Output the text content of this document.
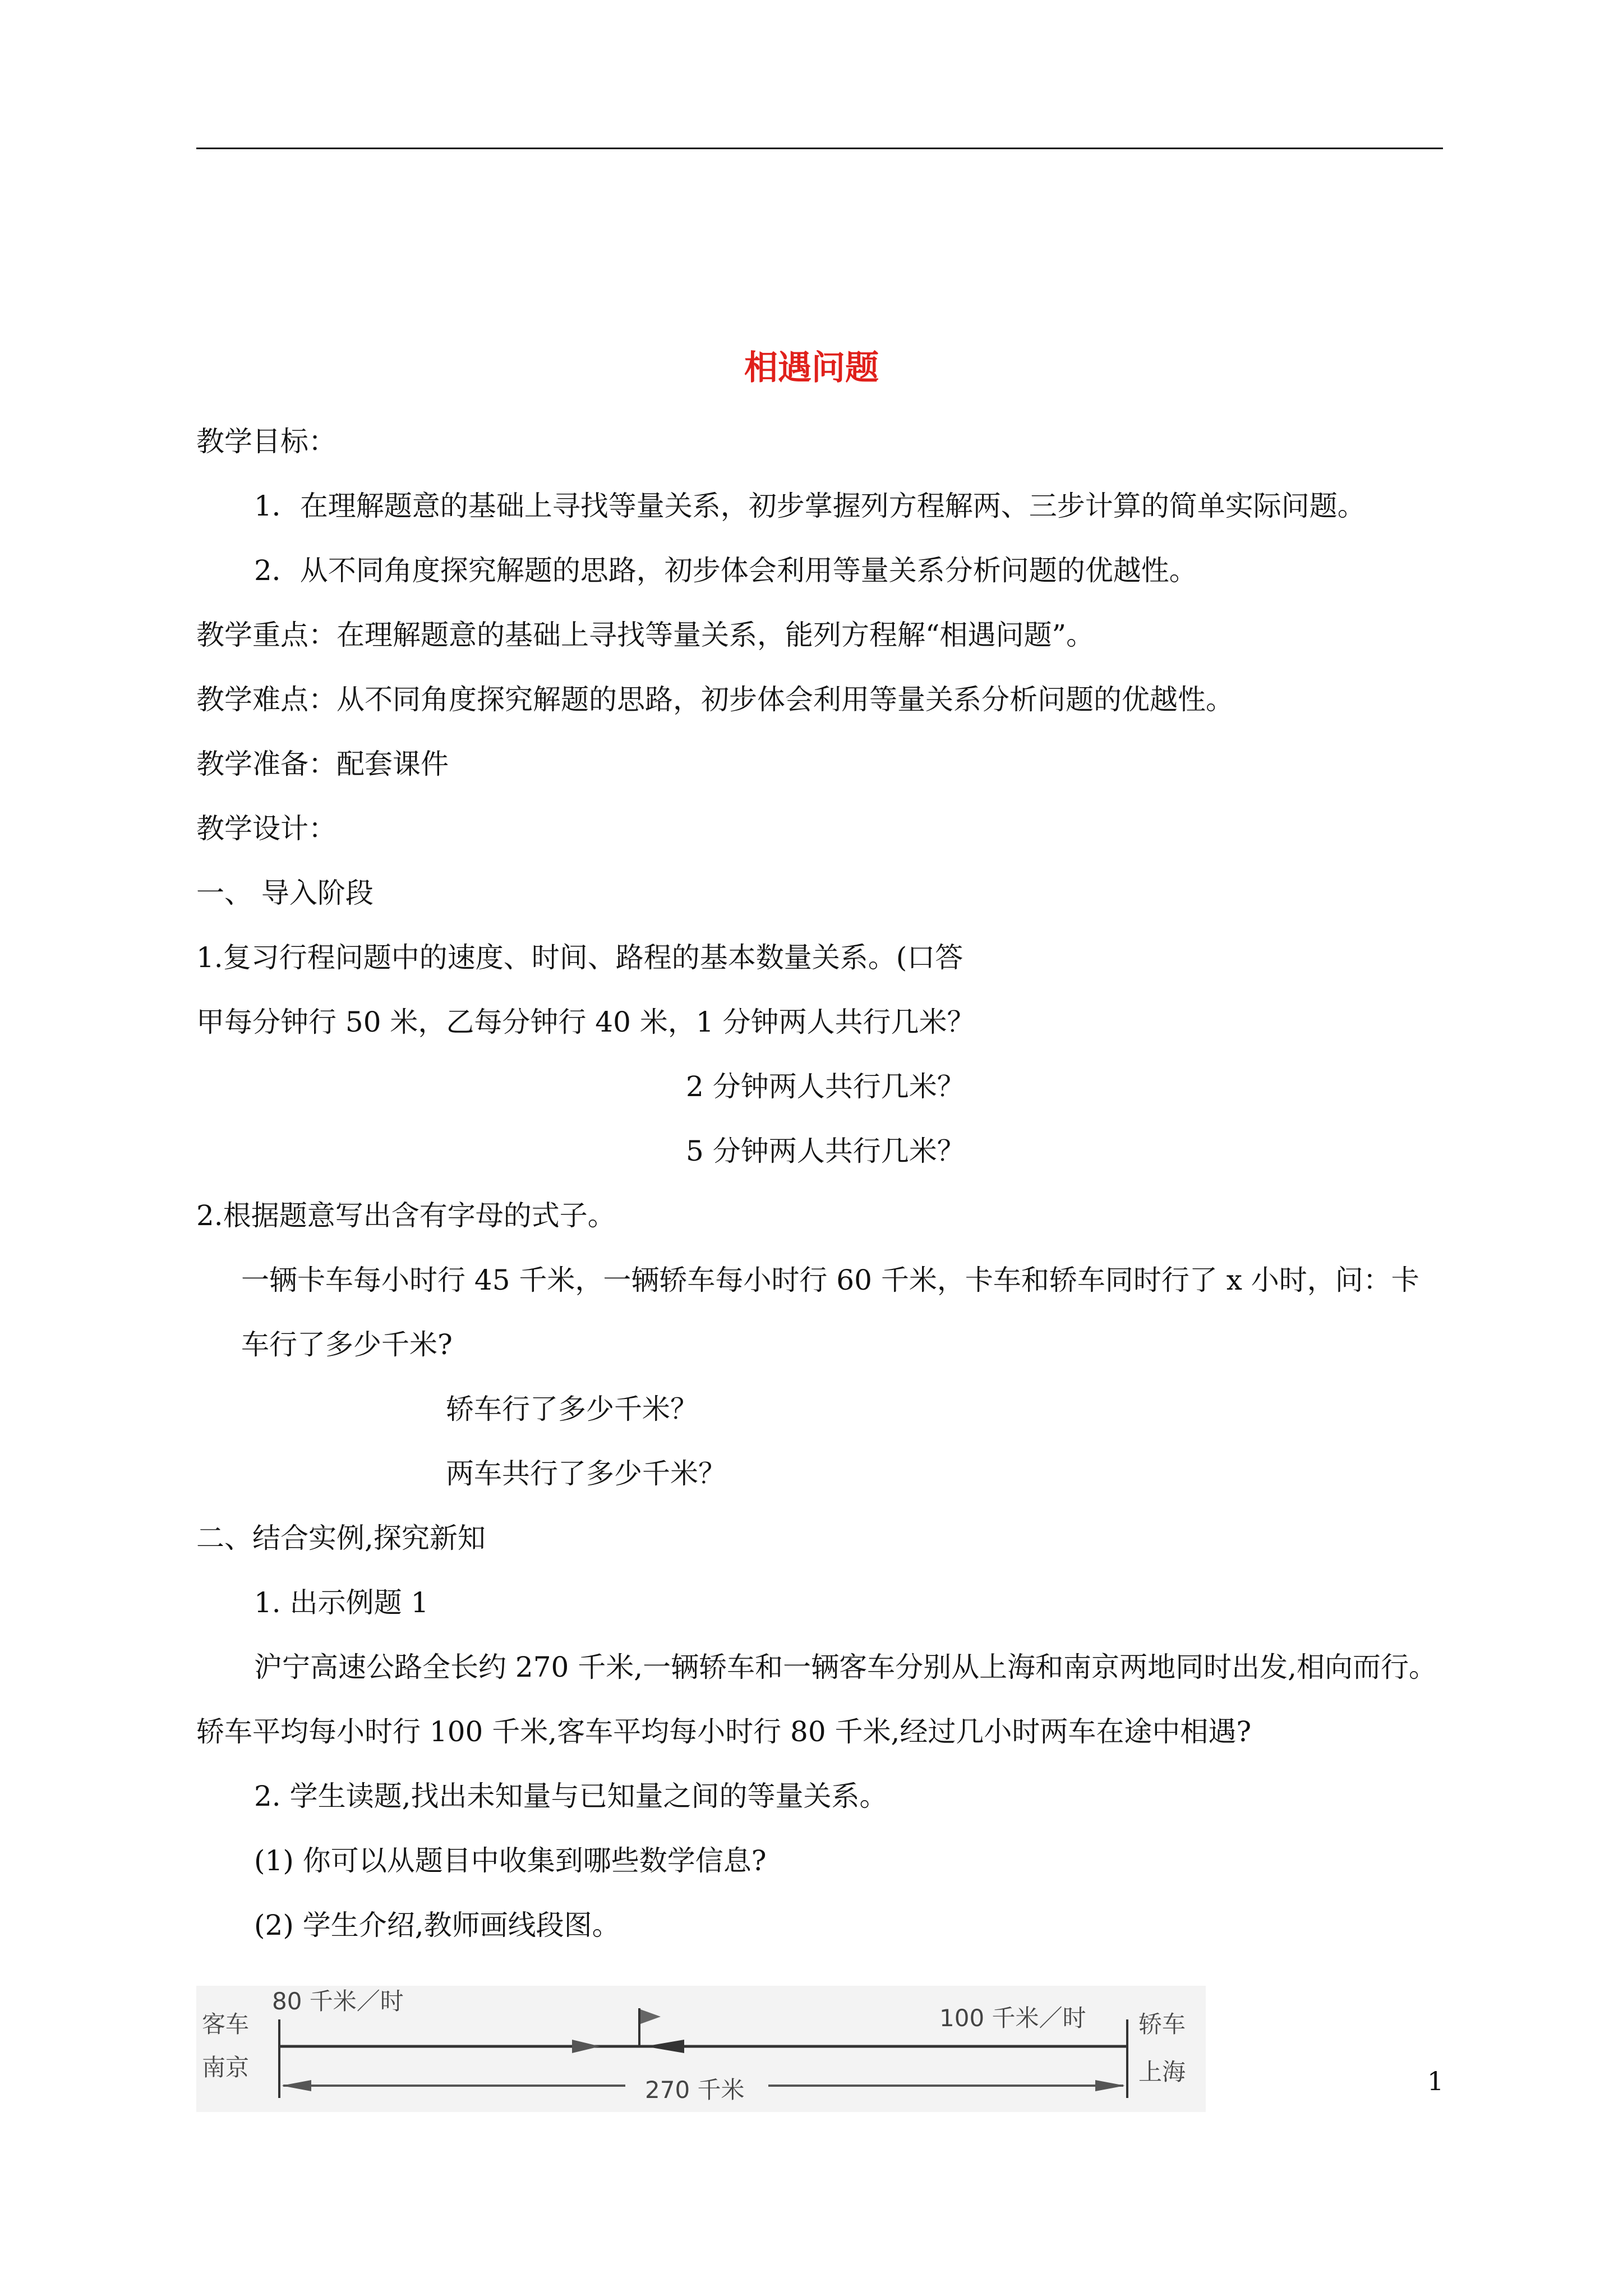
相遇问题
教学目标：
1．在理解题意的基础上寻找等量关系，初步掌握列方程解两、三步计算的简单实际问题。
2．从不同角度探究解题的思路，初步体会利用等量关系分析问题的优越性。
教学重点：在理解题意的基础上寻找等量关系，能列方程解“相遇问题”。
教学难点：从不同角度探究解题的思路，初步体会利用等量关系分析问题的优越性。
教学准备：配套课件
教学设计：
一、 导入阶段
1.复习行程问题中的速度、时间、路程的基本数量关系。(口答
甲每分钟行 50 米，乙每分钟行 40 米，1 分钟两人共行几米？
2 分钟两人共行几米？
5 分钟两人共行几米？
2.根据题意写出含有字母的式子。
一辆卡车每小时行 45 千米，一辆轿车每小时行 60 千米，卡车和轿车同时行了 x 小时，问：卡
车行了多少千米?
轿车行了多少千米？
两车共行了多少千米？
二、结合实例,探究新知
1. 出示例题 1
沪宁高速公路全长约 270 千米,一辆轿车和一辆客车分别从上海和南京两地同时出发,相向而行。
轿车平均每小时行 100 千米,客车平均每小时行 80 千米,经过几小时两车在途中相遇?
2. 学生读题,找出未知量与已知量之间的等量关系。
(1) 你可以从题目中收集到哪些数学信息?
(2) 学生介绍,教师画线段图。
客车
80 千米／时
南京
轿车
100 千米／时
上海
270 千米	1
